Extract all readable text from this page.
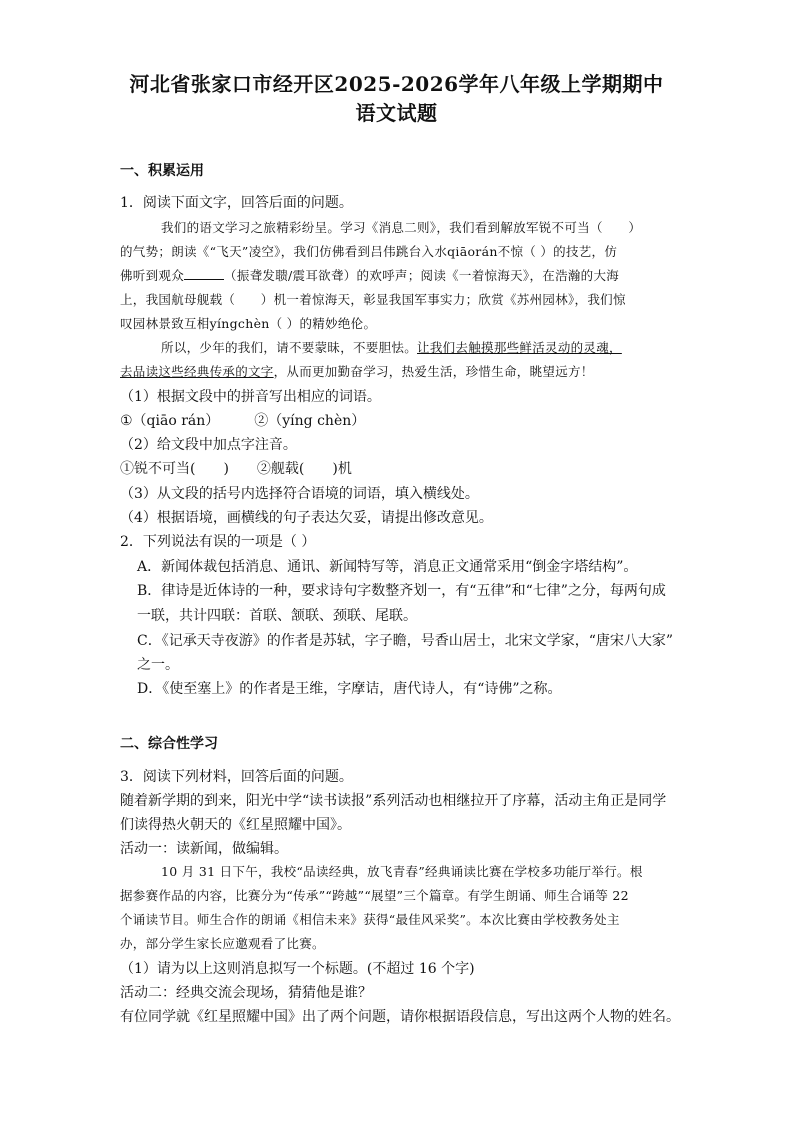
河北省张家口市经开区2025-2026学年八年级上学期期中
语文试题
一、积累运用
1．阅读下面文字，回答后面的问题。
我们的语文学习之旅精彩纷呈。学习《消息二则》，我们看到解放军锐不可当（　　）
的气势；朗读《“飞天”凌空》，我们仿佛看到吕伟跳台入水qiāorán不惊（ ）的技艺，仿
佛听到观众	（振聋发聩/震耳欲聋）的欢呼声；阅读《一着惊海天》，在浩瀚的大海
上，我国航母舰载（　　）机一着惊海天，彰显我国军事实力；欣赏《苏州园林》，我们惊
叹园林景致互相yíngchèn（ ）的精妙绝伦。
所以，少年的我们，请不要蒙昧，不要胆怯。让我们去触摸那些鲜活灵动的灵魂，
去品读这些经典传承的文字，从而更加勤奋学习，热爱生活，珍惜生命，眺望远方！
（1）根据文段中的拼音写出相应的词语。
①（qiāo rán）　　　②（yíng chèn）
（2）给文段中加点字注音。
①锐不可当(　　)　　②舰载(　　)机
（3）从文段的括号内选择符合语境的词语，填入横线处。
（4）根据语境，画横线的句子表达欠妥，请提出修改意见。
2．下列说法有误的一项是（ ）
A．新闻体裁包括消息、通讯、新闻特写等，消息正文通常采用“倒金字塔结构”。
B．律诗是近体诗的一种，要求诗句字数整齐划一，有“五律”和“七律”之分，每两句成
一联，共计四联：首联、颔联、颈联、尾联。
C．《记承天寺夜游》的作者是苏轼，字子瞻，号香山居士，北宋文学家，“唐宋八大家”
之一。
D．《使至塞上》的作者是王维，字摩诘，唐代诗人，有“诗佛”之称。
二、综合性学习
3．阅读下列材料，回答后面的问题。
随着新学期的到来，阳光中学“读书读报”系列活动也相继拉开了序幕，活动主角正是同学
们读得热火朝天的《红星照耀中国》。
活动一：读新闻，做编辑。
10 月 31 日下午，我校“品读经典，放飞青春”经典诵读比赛在学校多功能厅举行。根
据参赛作品的内容，比赛分为“传承”“跨越”“展望”三个篇章。有学生朗诵、师生合诵等 22
个诵读节目。师生合作的朗诵《相信未来》获得“最佳风采奖”。本次比赛由学校教务处主
办，部分学生家长应邀观看了比赛。
（1）请为以上这则消息拟写一个标题。(不超过 16 个字)
活动二：经典交流会现场，猜猜他是谁？
有位同学就《红星照耀中国》出了两个问题，请你根据语段信息，写出这两个人物的姓名。
